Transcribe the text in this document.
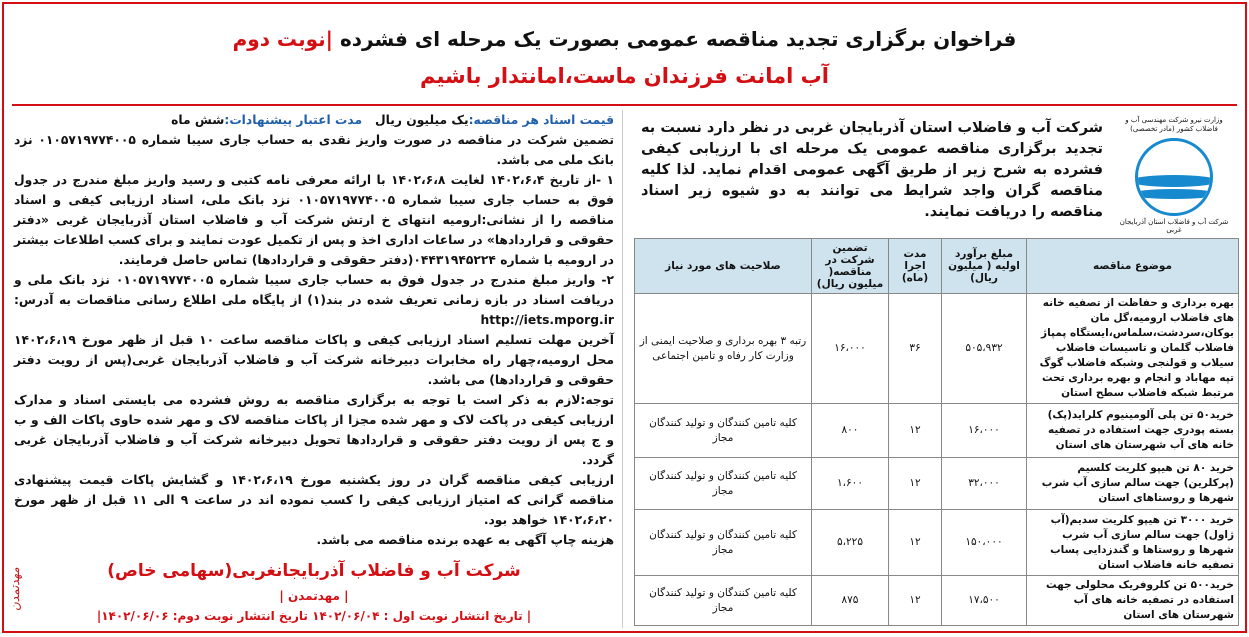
فراخوان برگزاری تجدید مناقصه عمومی بصورت یک مرحله ای فشرده |نوبت دوم
آب امانت فرزندان ماست،امانتدار باشیم
وزارت نیرو شرکت مهندسی آب و فاضلاب کشور (مادر تخصصی)
شرکت آب و فاضلاب استان آذربایجان غربی
شرکت آب و فاضلاب استان آذربایجان غربی در نظر دارد نسبت به تجدید برگزاری مناقصه عمومی یک مرحله ای با ارزیابی کیفی فشرده به شرح زیر از طریق آگهی عمومی اقدام نماید. لذا کلیه مناقصه گران واجد شرایط می توانند به دو شیوه زیر اسناد مناقصه را دریافت نمایند.
موضوع مناقصه	مبلغ برآورد اولیه ( میلیون ریال)	مدت اجرا (ماه)	تضمین شرکت در مناقصه( میلیون ریال)	صلاحیت های مورد نیاز
بهره برداری و حفاظت از تصفیه خانه های فاضلاب ارومیه،گل مان بوکان،سردشت،سلماس،ایستگاه پمپاژ فاضلاب گلمان و تاسیسات فاضلاب سیلاب و قولنجی وشبکه فاضلاب گوگ تپه مهاباد و انجام و بهره برداری تحت مرتبط شبکه فاضلاب سطح استان	۵۰۵،۹۳۲	۳۶	۱۶،۰۰۰	رتبه ۳ بهره برداری و صلاحیت ایمنی از وزارت کار رفاه و تامین اجتماعی
خرید۵۰ تن پلی آلومینیوم کلراید(پک) بسته پودری جهت استفاده در تصفیه خانه های آب شهرستان های استان	۱۶،۰۰۰	۱۲	۸۰۰	کلیه تامین کنندگان و تولید کنندگان مجاز
خرید ۸۰ تن هیپو کلریت کلسیم (پرکلرین) جهت سالم سازی آب شرب شهرها و روستاهای استان	۳۲،۰۰۰	۱۲	۱،۶۰۰	کلیه تامین کنندگان و تولید کنندگان مجاز
خرید ۳۰۰۰ تن هیپو کلریت سدیم(آب ژاول) جهت سالم سازی آب شرب شهرها و روستاها و گندزدایی پساب تصفیه خانه فاضلاب استان	۱۵۰،۰۰۰	۱۲	۵،۲۲۵	کلیه تامین کنندگان و تولید کنندگان مجاز
خرید۵۰۰ تن کلروفریک محلولی جهت استفاده در تصفیه خانه های آب شهرستان های استان	۱۷،۵۰۰	۱۲	۸۷۵	کلیه تامین کنندگان و تولید کنندگان مجاز

قیمت اسناد هر مناقصه:یک میلیون ریال   مدت اعتبار پیشنهادات:شش ماه

تضمین شرکت در مناقصه در صورت واریز نقدی به حساب جاری سیبا شماره ۰۱۰۵۷۱۹۷۷۴۰۰۵ نزد بانک ملی می باشد.

۱ -از تاریخ ۱۴۰۲،۶،۴ لغایت ۱۴۰۲،۶،۸ با ارائه معرفی نامه کتبی و رسید واریز مبلغ مندرج در جدول فوق به حساب جاری سیبا شماره ۰۱۰۵۷۱۹۷۷۴۰۰۵ نزد بانک ملی، اسناد ارزیابی کیفی و اسناد مناقصه را از نشانی:ارومیه انتهای خ ارتش شرکت آب و فاضلاب استان آذربایجان غربی «دفتر حقوقی و قراردادها» در ساعات اداری اخذ و پس از تکمیل عودت نمایند و برای کسب اطلاعات بیشتر در ارومیه با شماره ۰۴۴۳۱۹۴۵۲۲۴(دفتر حقوقی و قراردادها) تماس حاصل فرمایند.

۲- واریز مبلغ مندرج در جدول فوق به حساب جاری سیبا شماره ۰۱۰۵۷۱۹۷۷۴۰۰۵ نزد بانک ملی و دریافت اسناد در بازه زمانی تعریف شده در بند(۱) از پایگاه ملی اطلاع رسانی مناقصات به آدرس: http://iets.mporg.ir

آخرین مهلت تسلیم اسناد ارزیابی کیفی و پاکات مناقصه ساعت ۱۰ قبل از ظهر مورخ ۱۴۰۲،۶،۱۹ محل ارومیه،چهار راه مخابرات دبیرخانه شرکت آب و فاضلاب آذربایجان غربی(پس از رویت دفتر حقوقی و قراردادها) می باشد.

توجه:لازم به ذکر است با توجه به برگزاری مناقصه به روش فشرده می بایستی اسناد و مدارک ارزیابی کیفی در پاکت لاک و مهر شده مجزا از پاکات مناقصه لاک و مهر شده حاوی پاکات الف و ب و ج پس از رویت دفتر حقوقی و قراردادها تحویل دبیرخانه شرکت آب و فاضلاب آذربایجان غربی گردد.

ارزیابی کیفی مناقصه گران در روز یکشنبه مورخ ۱۴۰۲،۶،۱۹ و گشایش پاکات قیمت پیشنهادی مناقصه گرانی که امتیاز ارزیابی کیفی را کسب نموده اند در ساعت ۹ الی ۱۱ قبل از ظهر مورخ ۱۴۰۲،۶،۲۰ خواهد بود.

هزینه چاپ آگهی به عهده برنده مناقصه می باشد.

شرکت آب و فاضلاب آذربایجانغربی(سهامی خاص)
| مهدتمدن |
| تاریخ انتشار نوبت اول : ۱۴۰۲/۰۶/۰۴ تاریخ انتشار نوبت دوم: ۱۴۰۲/۰۶/۰۶|
مهدتمدن
